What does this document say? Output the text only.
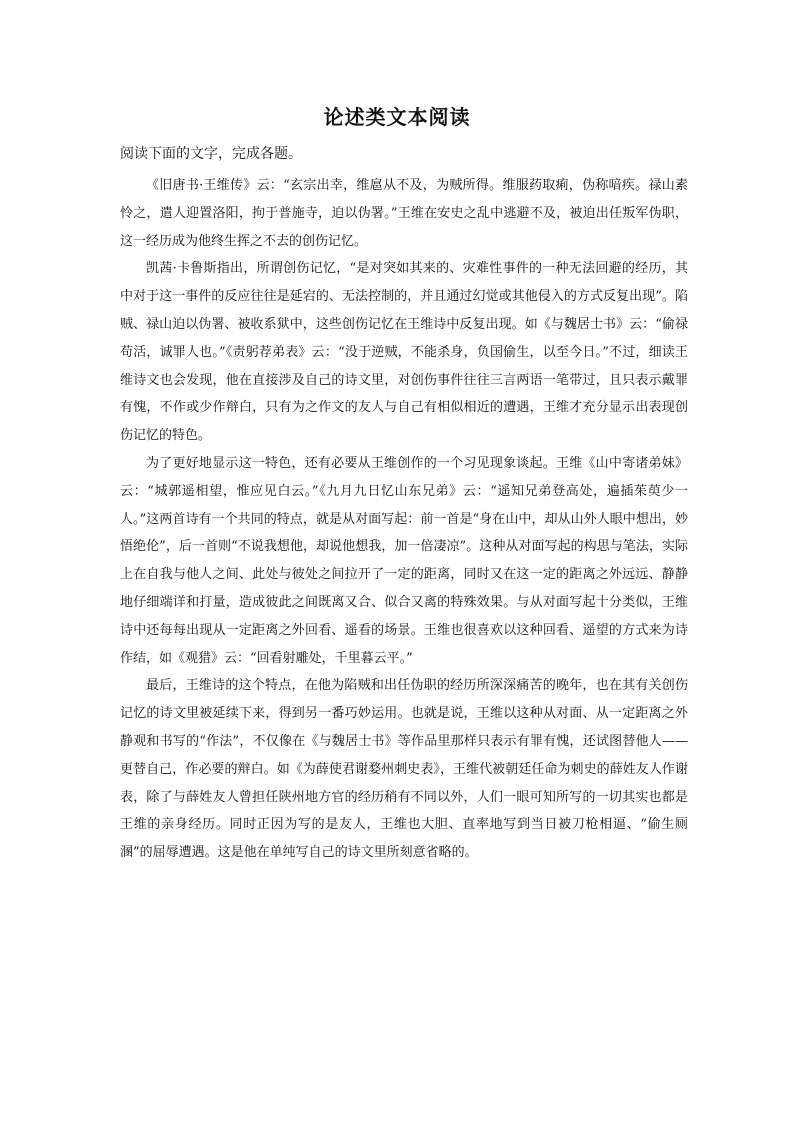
论述类文本阅读
阅读下面的文字，完成各题。

《旧唐书·王维传》云：“玄宗出幸，维扈从不及，为贼所得。维服药取痢，伪称喑疾。禄山素怜之，遣人迎置洛阳，拘于普施寺，迫以伪署。”王维在安史之乱中逃避不及，被迫出任叛军伪职，这一经历成为他终生挥之不去的创伤记忆。

凯茜·卡鲁斯指出，所谓创伤记忆，“是对突如其来的、灾难性事件的一种无法回避的经历，其中对于这一事件的反应往往是延宕的、无法控制的，并且通过幻觉或其他侵入的方式反复出现”。陷贼、禄山迫以伪署、被收系狱中，这些创伤记忆在王维诗中反复出现。如《与魏居士书》云：“偷禄苟活，诚罪人也。”《责躬荐弟表》云：“没于逆贼，不能杀身，负国偷生，以至今日。”不过，细读王维诗文也会发现，他在直接涉及自己的诗文里，对创伤事件往往三言两语一笔带过，且只表示戴罪有愧，不作或少作辩白，只有为之作文的友人与自己有相似相近的遭遇，王维才充分显示出表现创伤记忆的特色。

为了更好地显示这一特色，还有必要从王维创作的一个习见现象谈起。王维《山中寄诸弟妹》云：“城郭遥相望，惟应见白云。”《九月九日忆山东兄弟》云：“遥知兄弟登高处，遍插茱萸少一人。”这两首诗有一个共同的特点，就是从对面写起：前一首是“身在山中，却从山外人眼中想出，妙悟绝伦”，后一首则“不说我想他，却说他想我，加一倍凄凉”。这种从对面写起的构思与笔法，实际上在自我与他人之间、此处与彼处之间拉开了一定的距离，同时又在这一定的距离之外远远、静静地仔细端详和打量，造成彼此之间既离又合、似合又离的特殊效果。与从对面写起十分类似，王维诗中还每每出现从一定距离之外回看、遥看的场景。王维也很喜欢以这种回看、遥望的方式来为诗作结，如《观猎》云：“回看射雕处，千里暮云平。”

最后，王维诗的这个特点，在他为陷贼和出任伪职的经历所深深痛苦的晚年，也在其有关创伤记忆的诗文里被延续下来，得到另一番巧妙运用。也就是说，王维以这种从对面、从一定距离之外静观和书写的“作法”，不仅像在《与魏居士书》等作品里那样只表示有罪有愧，还试图替他人——更替自己，作必要的辩白。如《为薛使君谢婺州刺史表》，王维代被朝廷任命为刺史的薛姓友人作谢表，除了与薛姓友人曾担任陕州地方官的经历稍有不同以外，人们一眼可知所写的一切其实也都是王维的亲身经历。同时正因为写的是友人，王维也大胆、直率地写到当日被刀枪相逼、“偷生厕溷”的屈辱遭遇。这是他在单纯写自己的诗文里所刻意省略的。
